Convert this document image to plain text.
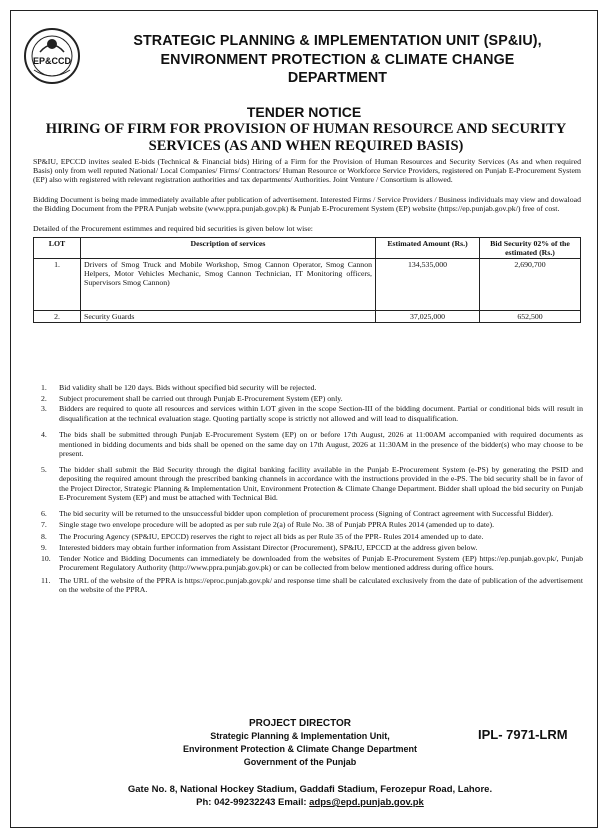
EP&CCD
STRATEGIC PLANNING & IMPLEMENTATION UNIT (SP&IU),
ENVIRONMENT PROTECTION & CLIMATE CHANGE
DEPARTMENT
TENDER NOTICE
HIRING OF FIRM FOR PROVISION OF HUMAN RESOURCE AND SECURITY
SERVICES (AS AND WHEN REQUIRED BASIS)
SP&IU, EPCCD invites sealed E-bids (Technical & Financial bids) Hiring of a Firm for the Provision of Human Resources and Security Services (As and when required Basis) only from well reputed National/ Local Companies/ Firms/ Contractors/ Human Resource or Workforce Service Providers, registered on Punjab E-Procurement System (EP) also with registered with relevant registration authorities and tax departments/ Authorities. Joint Venture / Consortium is allowed.
Bidding Document is being made immediately available after publication of advertisement. Interested Firms / Service Providers / Business individuals may view and dowaload the Bidding Document from the PPRA Punjab website (www.ppra.punjab.gov.pk) & Punjab E-Procurement System (EP) website (https://ep.punjab.gov.pk/) free of cost.
Detailed of the Procurement estimmes and required bid securities is given below lot wise:
LOT	Description of services	Estimated Amount (Rs.)	Bid Security 02% of the estimated (Rs.)
1.	Drivers of Smog Truck and Mobile Workshop, Smog Cannon Operator, Smog Cannon Helpers, Motor Vehicles Mechanic, Smog Cannon Technician, IT Monitoring officers, Supervisors Smog Cannon)	134,535,000	2,690,700
2.	Security Guards	37,025,000	652,500
1. Bid validity shall be 120 days. Bids without specified bid security will be rejected.
2. Subject procurement shall be carried out through Punjab E-Procurement System (EP) only.
3. Bidders are required to quote all resources and services within LOT given in the scope Section-III of the bidding document. Partial or conditional bids will result in disqualification at the technical evaluation stage. Quoting partially scope is strictly not allowed and will lead to disqualification.
4. The bids shall be submitted through Punjab E-Procurement System (EP) on or before 17th August, 2026 at 11:00AM accompanied with required documents as mentioned in bidding documents and bids shall be opened on the same day on 17th August, 2026 at 11:30AM in the presence of the bidder(s) who may choose to be present.
5. The bidder shall submit the Bid Security through the digital banking facility available in the Punjab E-Procurement System (e-PS) by generating the PSID and depositing the required amount through the prescribed banking channels in accordance with the instructions provided in the e-PS. The bid security shall be in favor of the Project Director, Strategic Planning & Implementation Unit, Environment Protection & Climate Change Department. Bidder shall upload the bid security on Punjab E-Procurement System (EP) and must be attached with Technical Bid.
6. The bid security will be returned to the unsuccessful bidder upon completion of procurement process (Signing of Contract agreement with Successful Bidder).
7. Single stage two envelope procedure will be adopted as per sub rule 2(a) of Rule No. 38 of Punjab PPRA Rules 2014 (amended up to date).
8. The Procuring Agency (SP&IU, EPCCD) reserves the right to reject all bids as per Rule 35 of the PPR- Rules 2014 amended up to date.
9. Interested bidders may obtain further information from Assistant Director (Procurement), SP&IU, EPCCD at the address given below.
10. Tender Notice and Bidding Documents can immediately be downloaded from the websites of Punjab E-Procurement System (EP) https://ep.punjab.gov.pk/, Punjab Procurement Regulatory Authority (http://www.ppra.punjab.gov.pk) or can be collected from below mentioned address during office hours.
11. The URL of the website of the PPRA is https://eproc.punjab.gov.pk/ and response time shall be calculated exclusively from the date of publication of the advertisement on the website of the PPRA.
PROJECT DIRECTOR
Strategic Planning & Implementation Unit,
Environment Protection & Climate Change Department
Government of the Punjab
IPL- 7971-LRM
Gate No. 8, National Hockey Stadium, Gaddafi Stadium, Ferozepur Road, Lahore.
Ph: 042-99232243 Email: adps@epd.punjab.gov.pk
